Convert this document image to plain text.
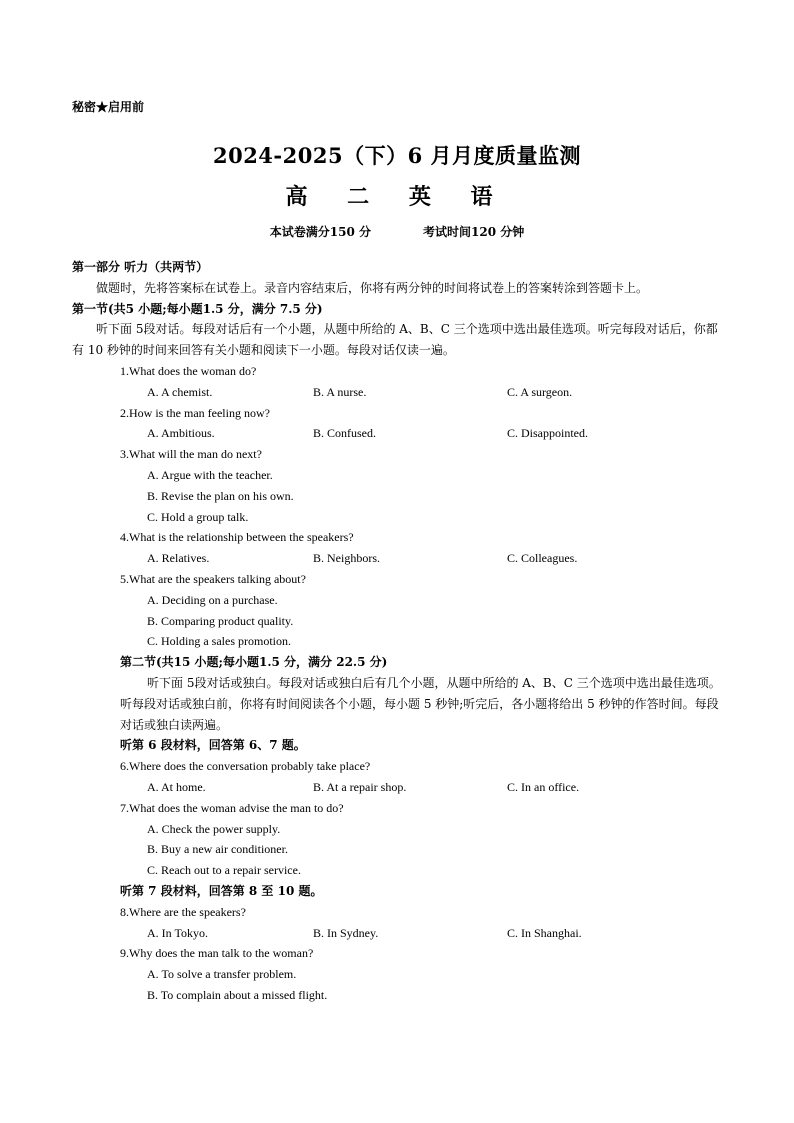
秘密★启用前
2024-2025（下）6 月月度质量监测
高 二 英 语
本试卷满分150 分	考试时间120 分钟
第一部分 听力（共两节）
做题时，先将答案标在试卷上。录音内容结束后，你将有两分钟的时间将试卷上的答案转涂到答题卡上。
第一节(共5 小题;每小题1.5 分，满分 7.5 分)
听下面 5段对话。每段对话后有一个小题，从题中所给的 A、B、C 三个选项中选出最佳选项。听完每段对话后，你都有 10 秒钟的时间来回答有关小题和阅读下一小题。每段对话仅读一遍。
1.What does the woman do?
A. A chemist.	B. A nurse.	C. A surgeon.
2.How is the man feeling now?
A. Ambitious.	B. Confused.	C. Disappointed.
3.What will the man do next?
A. Argue with the teacher.
B. Revise the plan on his own.
C. Hold a group talk.
4.What is the relationship between the speakers?
A. Relatives.	B. Neighbors.	C. Colleagues.
5.What are the speakers talking about?
A. Deciding on a purchase.
B. Comparing product quality.
C. Holding a sales promotion.
第二节(共15 小题;每小题1.5 分，满分 22.5 分)
听下面 5段对话或独白。每段对话或独白后有几个小题，从题中所给的 A、B、C 三个选项中选出最佳选项。听每段对话或独白前，你将有时间阅读各个小题，每小题 5 秒钟;听完后，各小题将给出 5 秒钟的作答时间。每段对话或独白读两遍。
听第 6 段材料，回答第 6、7 题。
6.Where does the conversation probably take place?
A. At home.	B. At a repair shop.	C. In an office.
7.What does the woman advise the man to do?
A. Check the power supply.
B. Buy a new air conditioner.
C. Reach out to a repair service.
听第 7 段材料，回答第 8 至 10 题。
8.Where are the speakers?
A. In Tokyo.	B. In Sydney.	C. In Shanghai.
9.Why does the man talk to the woman?
A. To solve a transfer problem.
B. To complain about a missed flight.
